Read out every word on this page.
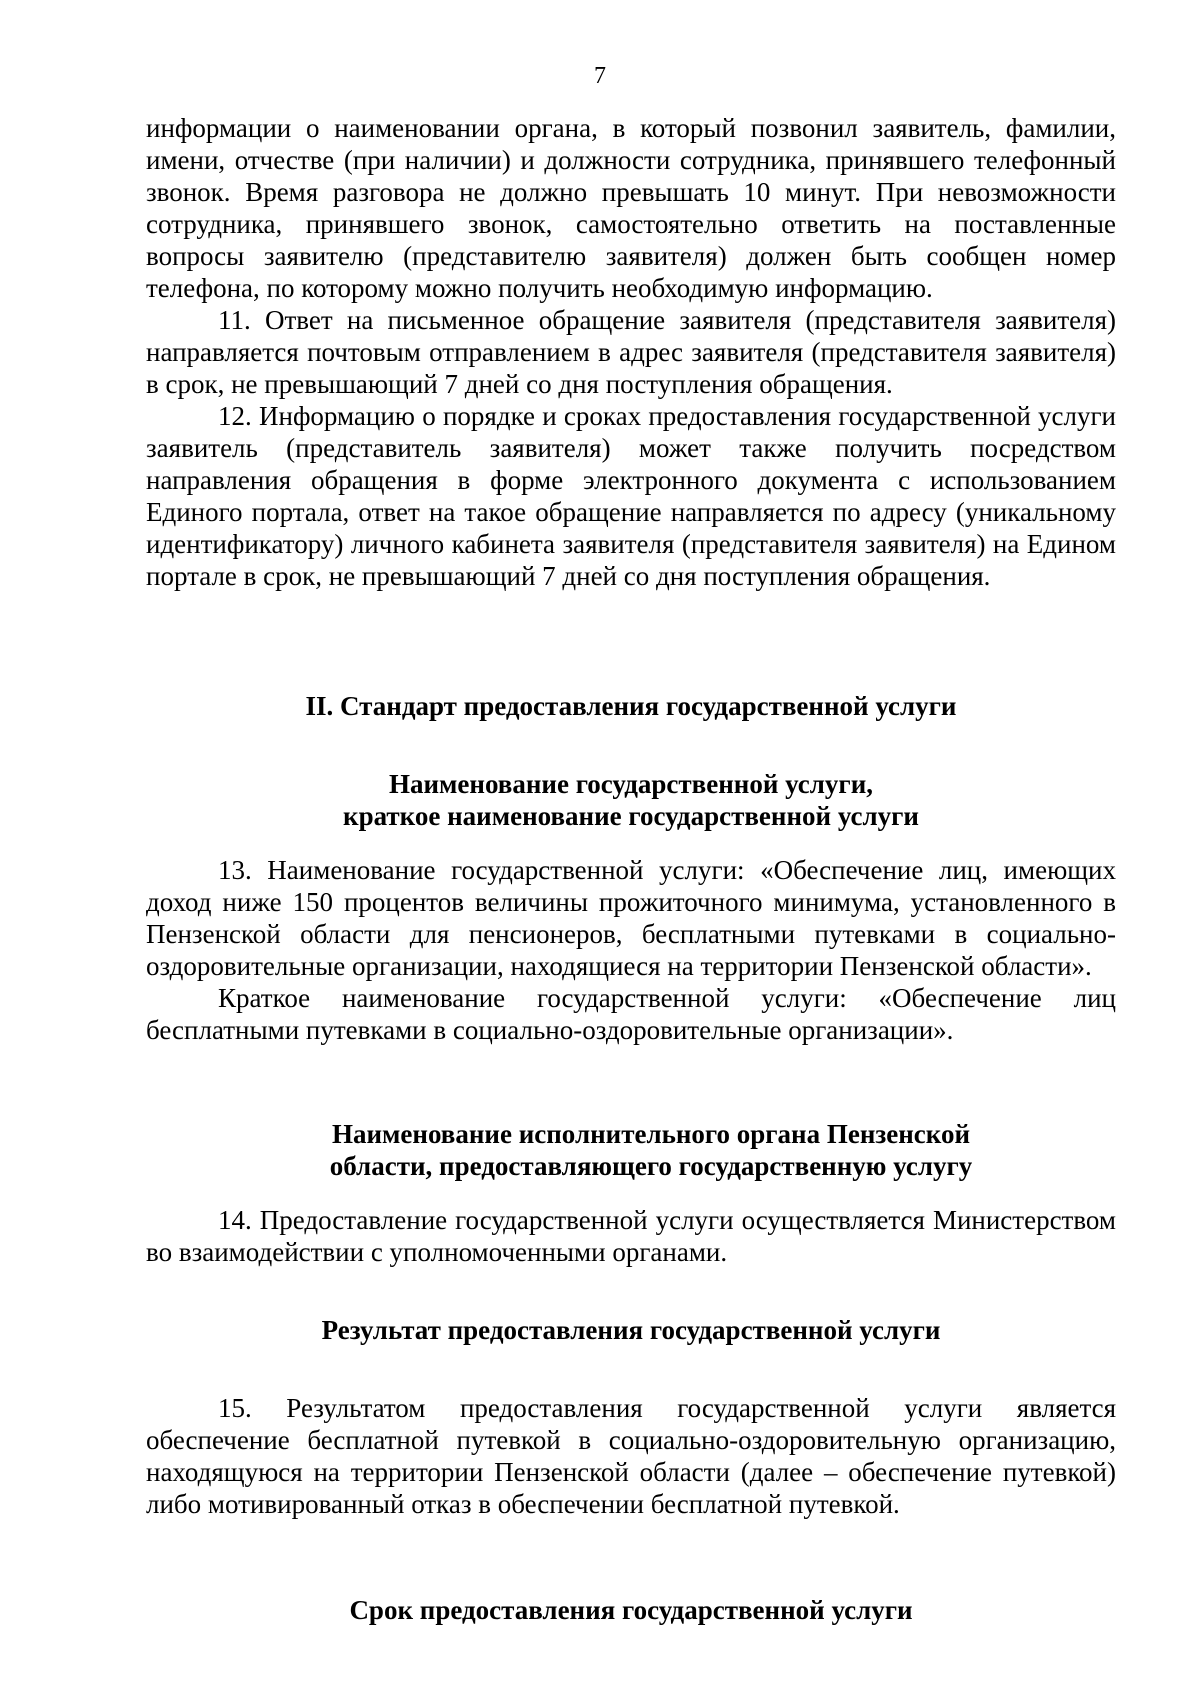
7

информации о наименовании органа, в который позвонил заявитель, фамилии, имени, отчестве (при наличии) и должности сотрудника, принявшего телефонный звонок. Время разговора не должно превышать 10 минут. При невозможности сотрудника, принявшего звонок, самостоятельно ответить на поставленные вопросы заявителю (представителю заявителя) должен быть сообщен номер телефона, по которому можно получить необходимую информацию.

11. Ответ на письменное обращение заявителя (представителя заявителя) направляется почтовым отправлением в адрес заявителя (представителя заявителя) в срок, не превышающий 7 дней со дня поступления обращения.

12. Информацию о порядке и сроках предоставления государственной услуги заявитель (представитель заявителя) может также получить посредством направления обращения в форме электронного документа с использованием Единого портала, ответ на такое обращение направляется по адресу (уникальному идентификатору) личного кабинета заявителя (представителя заявителя) на Едином портале в срок, не превышающий 7 дней со дня поступления обращения.

II. Стандарт предоставления государственной услуги
Наименование государственной услуги,
краткое наименование государственной услуги

13. Наименование государственной услуги: «Обеспечение лиц, имеющих доход ниже 150 процентов величины прожиточного минимума, установленного в Пензенской области для пенсионеров, бесплатными путевками в социально-оздоровительные организации, находящиеся на территории Пензенской области».

Краткое наименование государственной услуги: «Обеспечение лиц бесплатными путевками в социально-оздоровительные организации».

Наименование исполнительного органа Пензенской
области, предоставляющего государственную услугу

14. Предоставление государственной услуги осуществляется Министерством во взаимодействии с уполномоченными органами.

Результат предоставления государственной услуги

15. Результатом предоставления государственной услуги является обеспечение бесплатной путевкой в социально-оздоровительную организацию, находящуюся на территории Пензенской области (далее – обеспечение путевкой) либо мотивированный отказ в обеспечении бесплатной путевкой.

Срок предоставления государственной услуги
